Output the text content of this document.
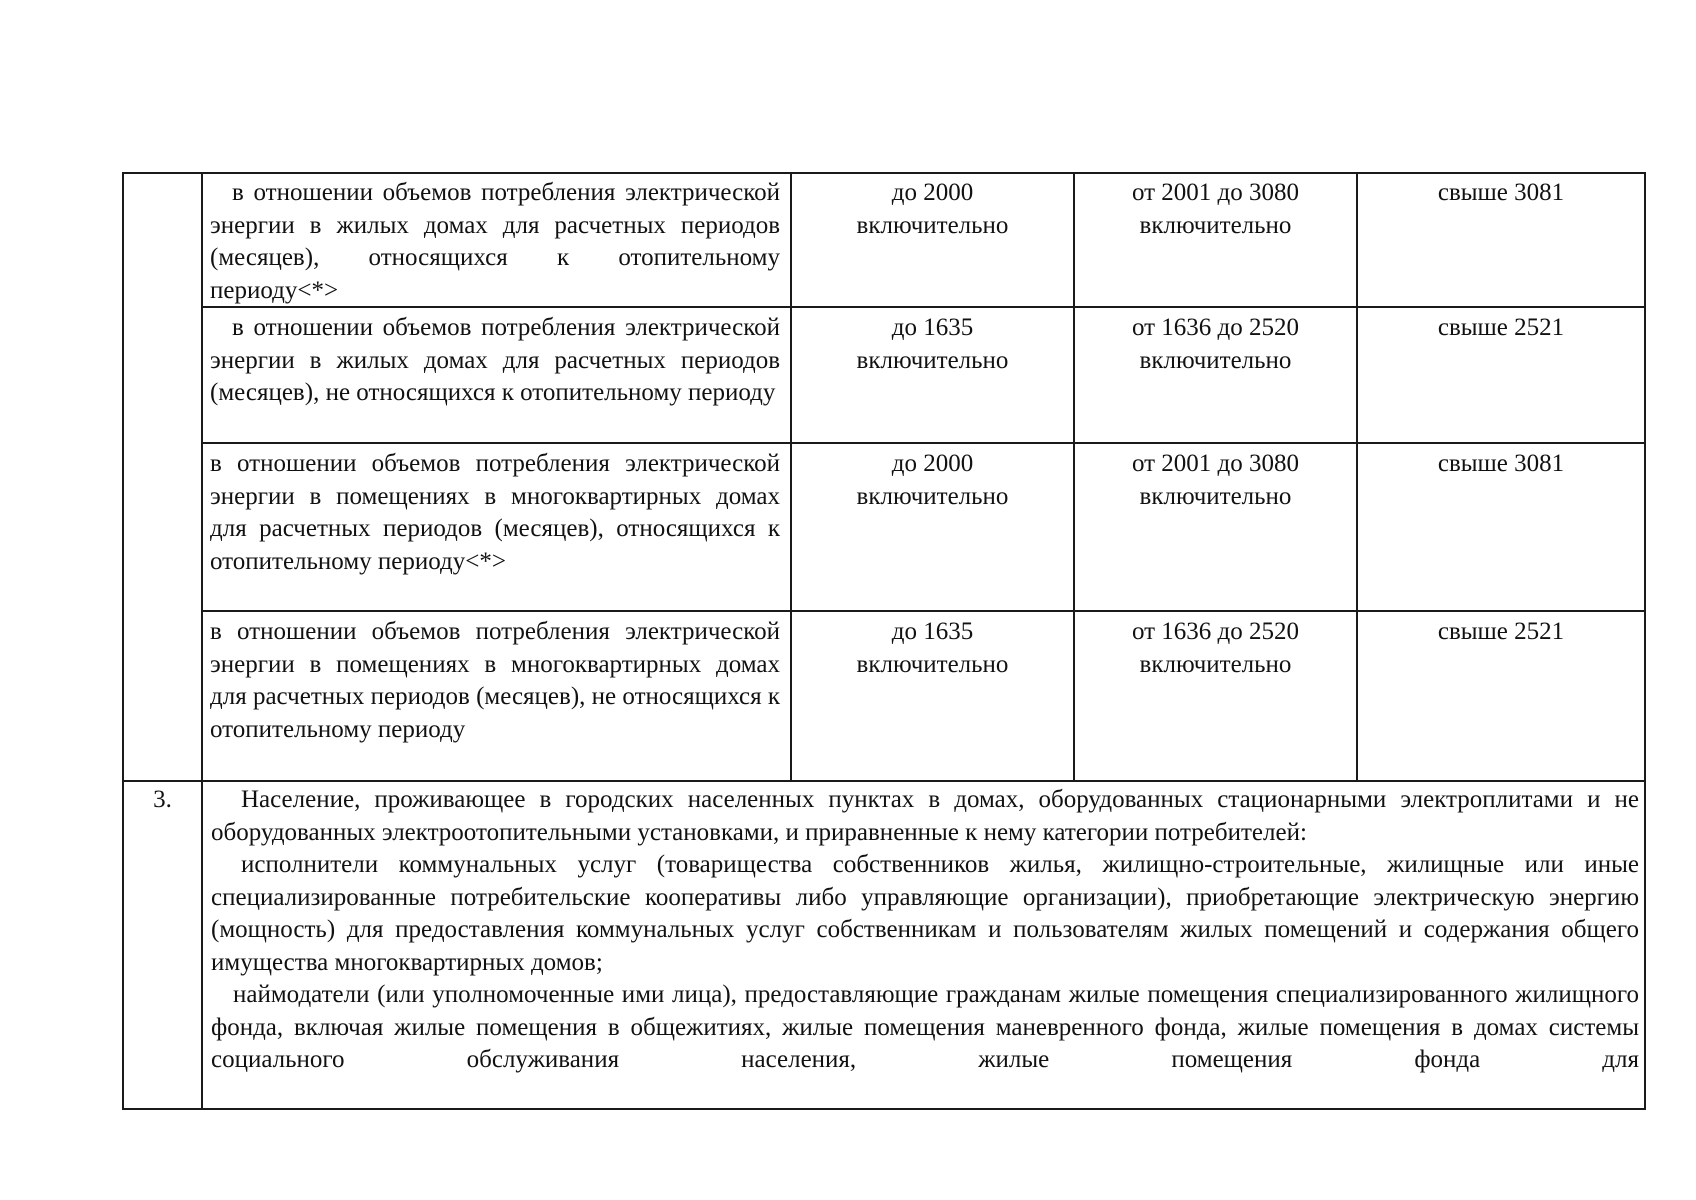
в отношении объемов потребления электрической энергии в жилых домах для расчетных периодов (месяцев), относящихся к отопительному периоду<*>

до 2000
включительно
от 2001 до 3080
включительно
свыше 3081

в отношении объемов потребления электрической энергии в жилых домах для расчетных периодов (месяцев), не относящихся к отопительному периоду

до 1635
включительно
от 1636 до 2520
включительно
свыше 2521

в отношении объемов потребления электрической энергии в помещениях в многоквартирных домах для расчетных периодов (месяцев), относящихся к отопительному периоду<*>

до 2000
включительно
от 2001 до 3080
включительно
свыше 3081

в отношении объемов потребления электрической энергии в помещениях в многоквартирных домах для расчетных периодов (месяцев), не относящихся к отопительному периоду

до 1635
включительно
от 1636 до 2520
включительно
свыше 2521
3.	Население, проживающее в городских населенных пунктах в домах, оборудованных стационарными электроплитами и не оборудованных электроотопительными установками, и приравненные к нему категории потребителей:

исполнители коммунальных услуг (товарищества собственников жилья, жилищно-строительные, жилищные или иные специализированные потребительские кооперативы либо управляющие организации), приобретающие электрическую энергию (мощность) для предоставления коммунальных услуг собственникам и пользователям жилых помещений и содержания общего имущества многоквартирных домов;

наймодатели (или уполномоченные ими лица), предоставляющие гражданам жилые помещения специализированного жилищного фонда, включая жилые помещения в общежитиях, жилые помещения маневренного фонда, жилые помещения в домах системы социального обслуживания населения, жилые помещения фонда для
